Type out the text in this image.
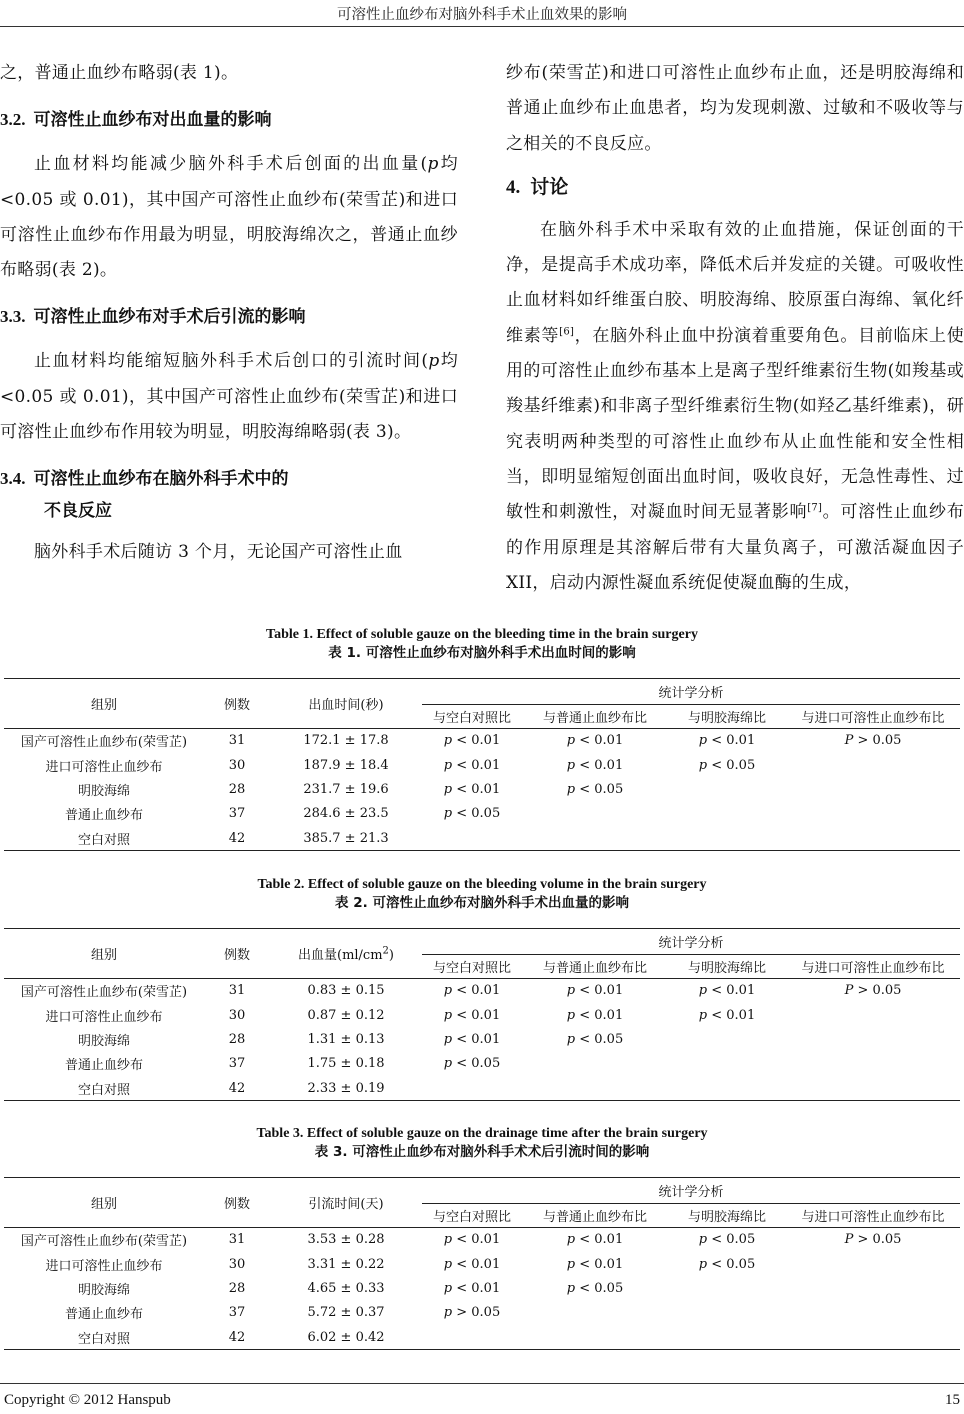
可溶性止血纱布对脑外科手术止血效果的影响

之，普通止血纱布略弱(表 1)。

3.2. 可溶性止血纱布对出血量的影响

止血材料均能减少脑外科手术后创面的出血量(p均<0.05 或 0.01)，其中国产可溶性止血纱布(荣雪芷)和进口可溶性止血纱布作用最为明显，明胶海绵次之，普通止血纱布略弱(表 2)。

3.3. 可溶性止血纱布对手术后引流的影响

止血材料均能缩短脑外科手术后创口的引流时间(p均<0.05 或 0.01)，其中国产可溶性止血纱布(荣雪芷)和进口可溶性止血纱布作用较为明显，明胶海绵略弱(表 3)。

3.4. 可溶性止血纱布在脑外科手术中的
不良反应

脑外科手术后随访 3 个月，无论国产可溶性止血

纱布(荣雪芷)和进口可溶性止血纱布止血，还是明胶海绵和普通止血纱布止血患者，均为发现刺激、过敏和不吸收等与之相关的不良反应。

4. 讨论

在脑外科手术中采取有效的止血措施，保证创面的干净，是提高手术成功率，降低术后并发症的关键。可吸收性止血材料如纤维蛋白胶、明胶海绵、胶原蛋白海绵、氧化纤维素等[6]，在脑外科止血中扮演着重要角色。目前临床上使用的可溶性止血纱布基本上是离子型纤维素衍生物(如羧基或羧基纤维素)和非离子型纤维素衍生物(如羟乙基纤维素)，研究表明两种类型的可溶性止血纱布从止血性能和安全性相当，即明显缩短创面出血时间，吸收良好，无急性毒性、过敏性和刺激性，对凝血时间无显著影响[7]。可溶性止血纱布的作用原理是其溶解后带有大量负离子，可激活凝血因子 XII，启动内源性凝血系统促使凝血酶的生成，

Table 1. Effect of soluble gauze on the bleeding time in the brain surgery
表 1. 可溶性止血纱布对脑外科手术出血时间的影响
组别	例数	出血时间(秒)	统计学分析			
			与空白对照比	与普通止血纱布比	与明胶海绵比	与进口可溶性止血纱布比
国产可溶性止血纱布(荣雪芷)	31	172.1 ± 17.8	p < 0.01	p < 0.01	p < 0.01	P > 0.05
进口可溶性止血纱布	30	187.9 ± 18.4	p < 0.01	p < 0.01	p < 0.05	
明胶海绵	28	231.7 ± 19.6	p < 0.01	p < 0.05		
普通止血纱布	37	284.6 ± 23.5	p < 0.05			
空白对照	42	385.7 ± 21.3				
Table 2. Effect of soluble gauze on the bleeding volume in the brain surgery
表 2. 可溶性止血纱布对脑外科手术出血量的影响
组别	例数	出血量$(ml/cm^2)$	统计学分析			
			与空白对照比	与普通止血纱布比	与明胶海绵比	与进口可溶性止血纱布比
国产可溶性止血纱布(荣雪芷)	31	0.83 ± 0.15	p < 0.01	p < 0.01	p < 0.01	P > 0.05
进口可溶性止血纱布	30	0.87 ± 0.12	p < 0.01	p < 0.01	p < 0.01	
明胶海绵	28	1.31 ± 0.13	p < 0.01	p < 0.05		
普通止血纱布	37	1.75 ± 0.18	p < 0.05			
空白对照	42	2.33 ± 0.19				
Table 3. Effect of soluble gauze on the drainage time after the brain surgery
表 3. 可溶性止血纱布对脑外科手术术后引流时间的影响
组别	例数	引流时间(天)	统计学分析			
			与空白对照比	与普通止血纱布比	与明胶海绵比	与进口可溶性止血纱布比
国产可溶性止血纱布(荣雪芷)	31	3.53 ± 0.28	p < 0.01	p < 0.01	p < 0.05	P > 0.05
进口可溶性止血纱布	30	3.31 ± 0.22	p < 0.01	p < 0.01	p < 0.05	
明胶海绵	28	4.65 ± 0.33	p < 0.01	p < 0.05		
普通止血纱布	37	5.72 ± 0.37	p > 0.05			
空白对照	42	6.02 ± 0.42				
Copyright © 2012 Hanspub	15
